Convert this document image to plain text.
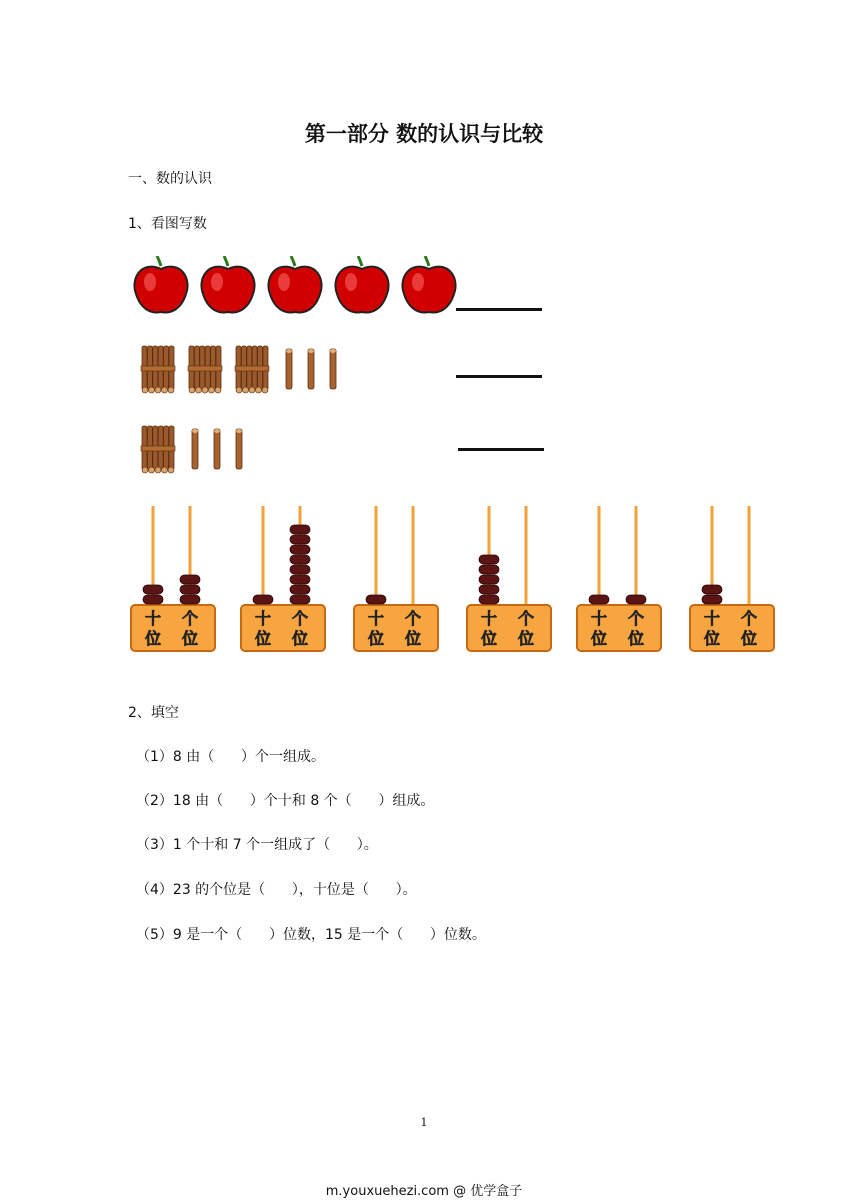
第一部分 数的认识与比较
一、数的认识
1、看图写数
十
位
个
位
十
位
个
位
十
位
个
位
十
位
个
位
十
位
个
位
十
位
个
位
2、填空
（1）8 由（      ）个一组成。
（2）18 由（      ）个十和 8 个（      ）组成。
（3）1 个十和 7 个一组成了（      ）。
（4）23 的个位是（      ），十位是（      ）。
（5）9 是一个（      ）位数，15 是一个（      ）位数。
1
m.youxuehezi.com @ 优学盒子
